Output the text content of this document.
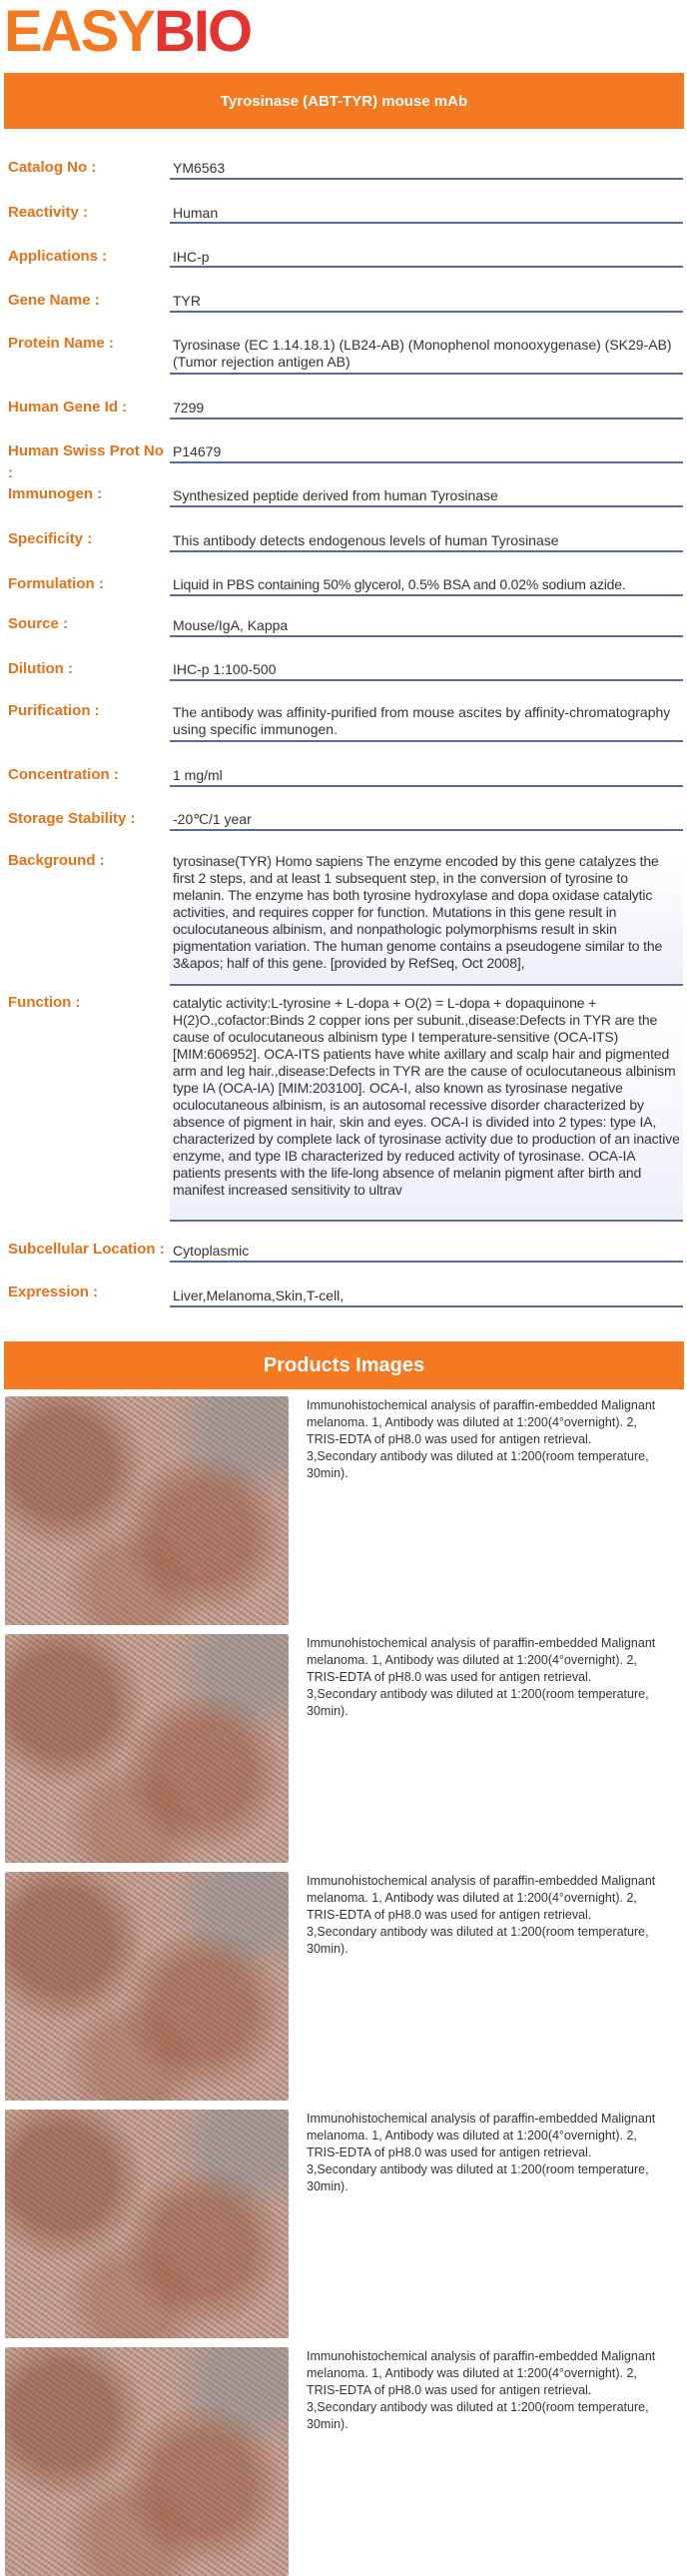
EASY BIO
Tyrosinase (ABT-TYR) mouse mAb
Catalog No :	YM6563
Reactivity :	Human
Applications :	IHC-p
Gene Name :	TYR
Protein Name :	Tyrosinase (EC 1.14.18.1) (LB24-AB) (Monophenol monooxygenase) (SK29-AB) (Tumor rejection antigen AB)
Human Gene Id :	7299
Human Swiss Prot No :
P14679
Immunogen :	Synthesized peptide derived from human Tyrosinase
Specificity :	This antibody detects endogenous levels of human Tyrosinase
Formulation :	Liquid in PBS containing 50% glycerol, 0.5% BSA and 0.02% sodium azide.
Source :	Mouse/IgA, Kappa
Dilution :	IHC-p 1:100-500
Purification :	The antibody was affinity-purified from mouse ascites by affinity-chromatography using specific immunogen.
Concentration :	1 mg/ml
Storage Stability :	-20℃/1 year
Background :	tyrosinase(TYR) Homo sapiens The enzyme encoded by this gene catalyzes the first 2 steps, and at least 1 subsequent step, in the conversion of tyrosine to melanin. The enzyme has both tyrosine hydroxylase and dopa oxidase catalytic activities, and requires copper for function. Mutations in this gene result in oculocutaneous albinism, and nonpathologic polymorphisms result in skin pigmentation variation. The human genome contains a pseudogene similar to the 3&apos; half of this gene. [provided by RefSeq, Oct 2008],
Function :	catalytic activity:L-tyrosine + L-dopa + O(2) = L-dopa + dopaquinone + H(2)O.,cofactor:Binds 2 copper ions per subunit.,disease:Defects in TYR are the cause of oculocutaneous albinism type I temperature-sensitive (OCA-ITS) [MIM:606952]. OCA-ITS patients have white axillary and scalp hair and pigmented arm and leg hair.,disease:Defects in TYR are the cause of oculocutaneous albinism type IA (OCA-IA) [MIM:203100]. OCA-I, also known as tyrosinase negative oculocutaneous albinism, is an autosomal recessive disorder characterized by absence of pigment in hair, skin and eyes. OCA-I is divided into 2 types: type IA, characterized by complete lack of tyrosinase activity due to production of an inactive enzyme, and type IB characterized by reduced activity of tyrosinase. OCA-IA patients presents with the life-long absence of melanin pigment after birth and manifest increased sensitivity to ultrav
Subcellular Location : Cytoplasmic
Expression :	Liver,Melanoma,Skin,T-cell,
Products Images
Immunohistochemical analysis of paraffin-embedded Malignant melanoma. 1, Antibody was diluted at 1:200(4°overnight). 2, TRIS-EDTA of pH8.0 was used for antigen retrieval. 3,Secondary antibody was diluted at 1:200(room temperature, 30min).
Immunohistochemical analysis of paraffin-embedded Malignant melanoma. 1, Antibody was diluted at 1:200(4°overnight). 2, TRIS-EDTA of pH8.0 was used for antigen retrieval. 3,Secondary antibody was diluted at 1:200(room temperature, 30min).
Immunohistochemical analysis of paraffin-embedded Malignant melanoma. 1, Antibody was diluted at 1:200(4°overnight). 2, TRIS-EDTA of pH8.0 was used for antigen retrieval. 3,Secondary antibody was diluted at 1:200(room temperature, 30min).
Immunohistochemical analysis of paraffin-embedded Malignant melanoma. 1, Antibody was diluted at 1:200(4°overnight). 2, TRIS-EDTA of pH8.0 was used for antigen retrieval. 3,Secondary antibody was diluted at 1:200(room temperature, 30min).
Immunohistochemical analysis of paraffin-embedded Malignant melanoma. 1, Antibody was diluted at 1:200(4°overnight). 2, TRIS-EDTA of pH8.0 was used for antigen retrieval. 3,Secondary antibody was diluted at 1:200(room temperature, 30min).
